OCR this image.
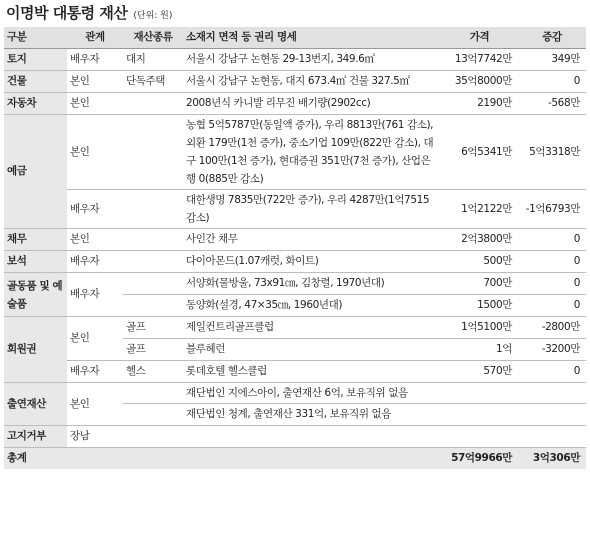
이명박 대통령 재산 (단위: 원)
구분	관계	재산종류	소재지 면적 등 권리 명세	가격	증감
토지	배우자	대지	서울시 강남구 논현동 29-13번지, 349.6㎡	13억7742만	349만
건물	본인	단독주택	서울시 강남구 논현동, 대지 673.4㎡ 건물 327.5㎡	35억8000만	0
자동차	본인		2008년식 카니발 리무진 배기량(2902cc)	2190만	-568만
예금	본인		농협 5억5787만(동일액 증가), 우리 8813만(761 감소), 외환 179만(1천 증가), 중소기업 109만(822만 감소), 대구 100만(1천 증가), 현대증권 351만(7천 증가), 산업은행 0(885만 감소)	6억5341만	5억3318만
	배우자		대한생명 7835만(722만 증가), 우리 4287만(1억7515 감소)	1억2122만	-1억6793만
채무	본인		사인간 채무	2억3800만	0
보석	배우자		다이아몬드(1.07캐럿, 화이트)	500만	0
골동품 및 예술품	배우자		서양화(물방울, 73x91㎝, 김창렬, 1970년대)	700만	0
			동양화(설경, 47×35㎝, 1960년대)	1500만	0
회원권	본인	골프	제일컨트리골프클럽	1억5100만	-2800만
		골프	블루헤런	1억	-3200만
	배우자	헬스	롯데호텔 헬스클럽	570만	0
출연재산	본인		재단법인 지에스아이, 출연재산 6억, 보유직위 없음		
			재단법인 청계, 출연재산 331억, 보유직위 없음		
고지거부	장남				
총계				57억9966만	3억306만
